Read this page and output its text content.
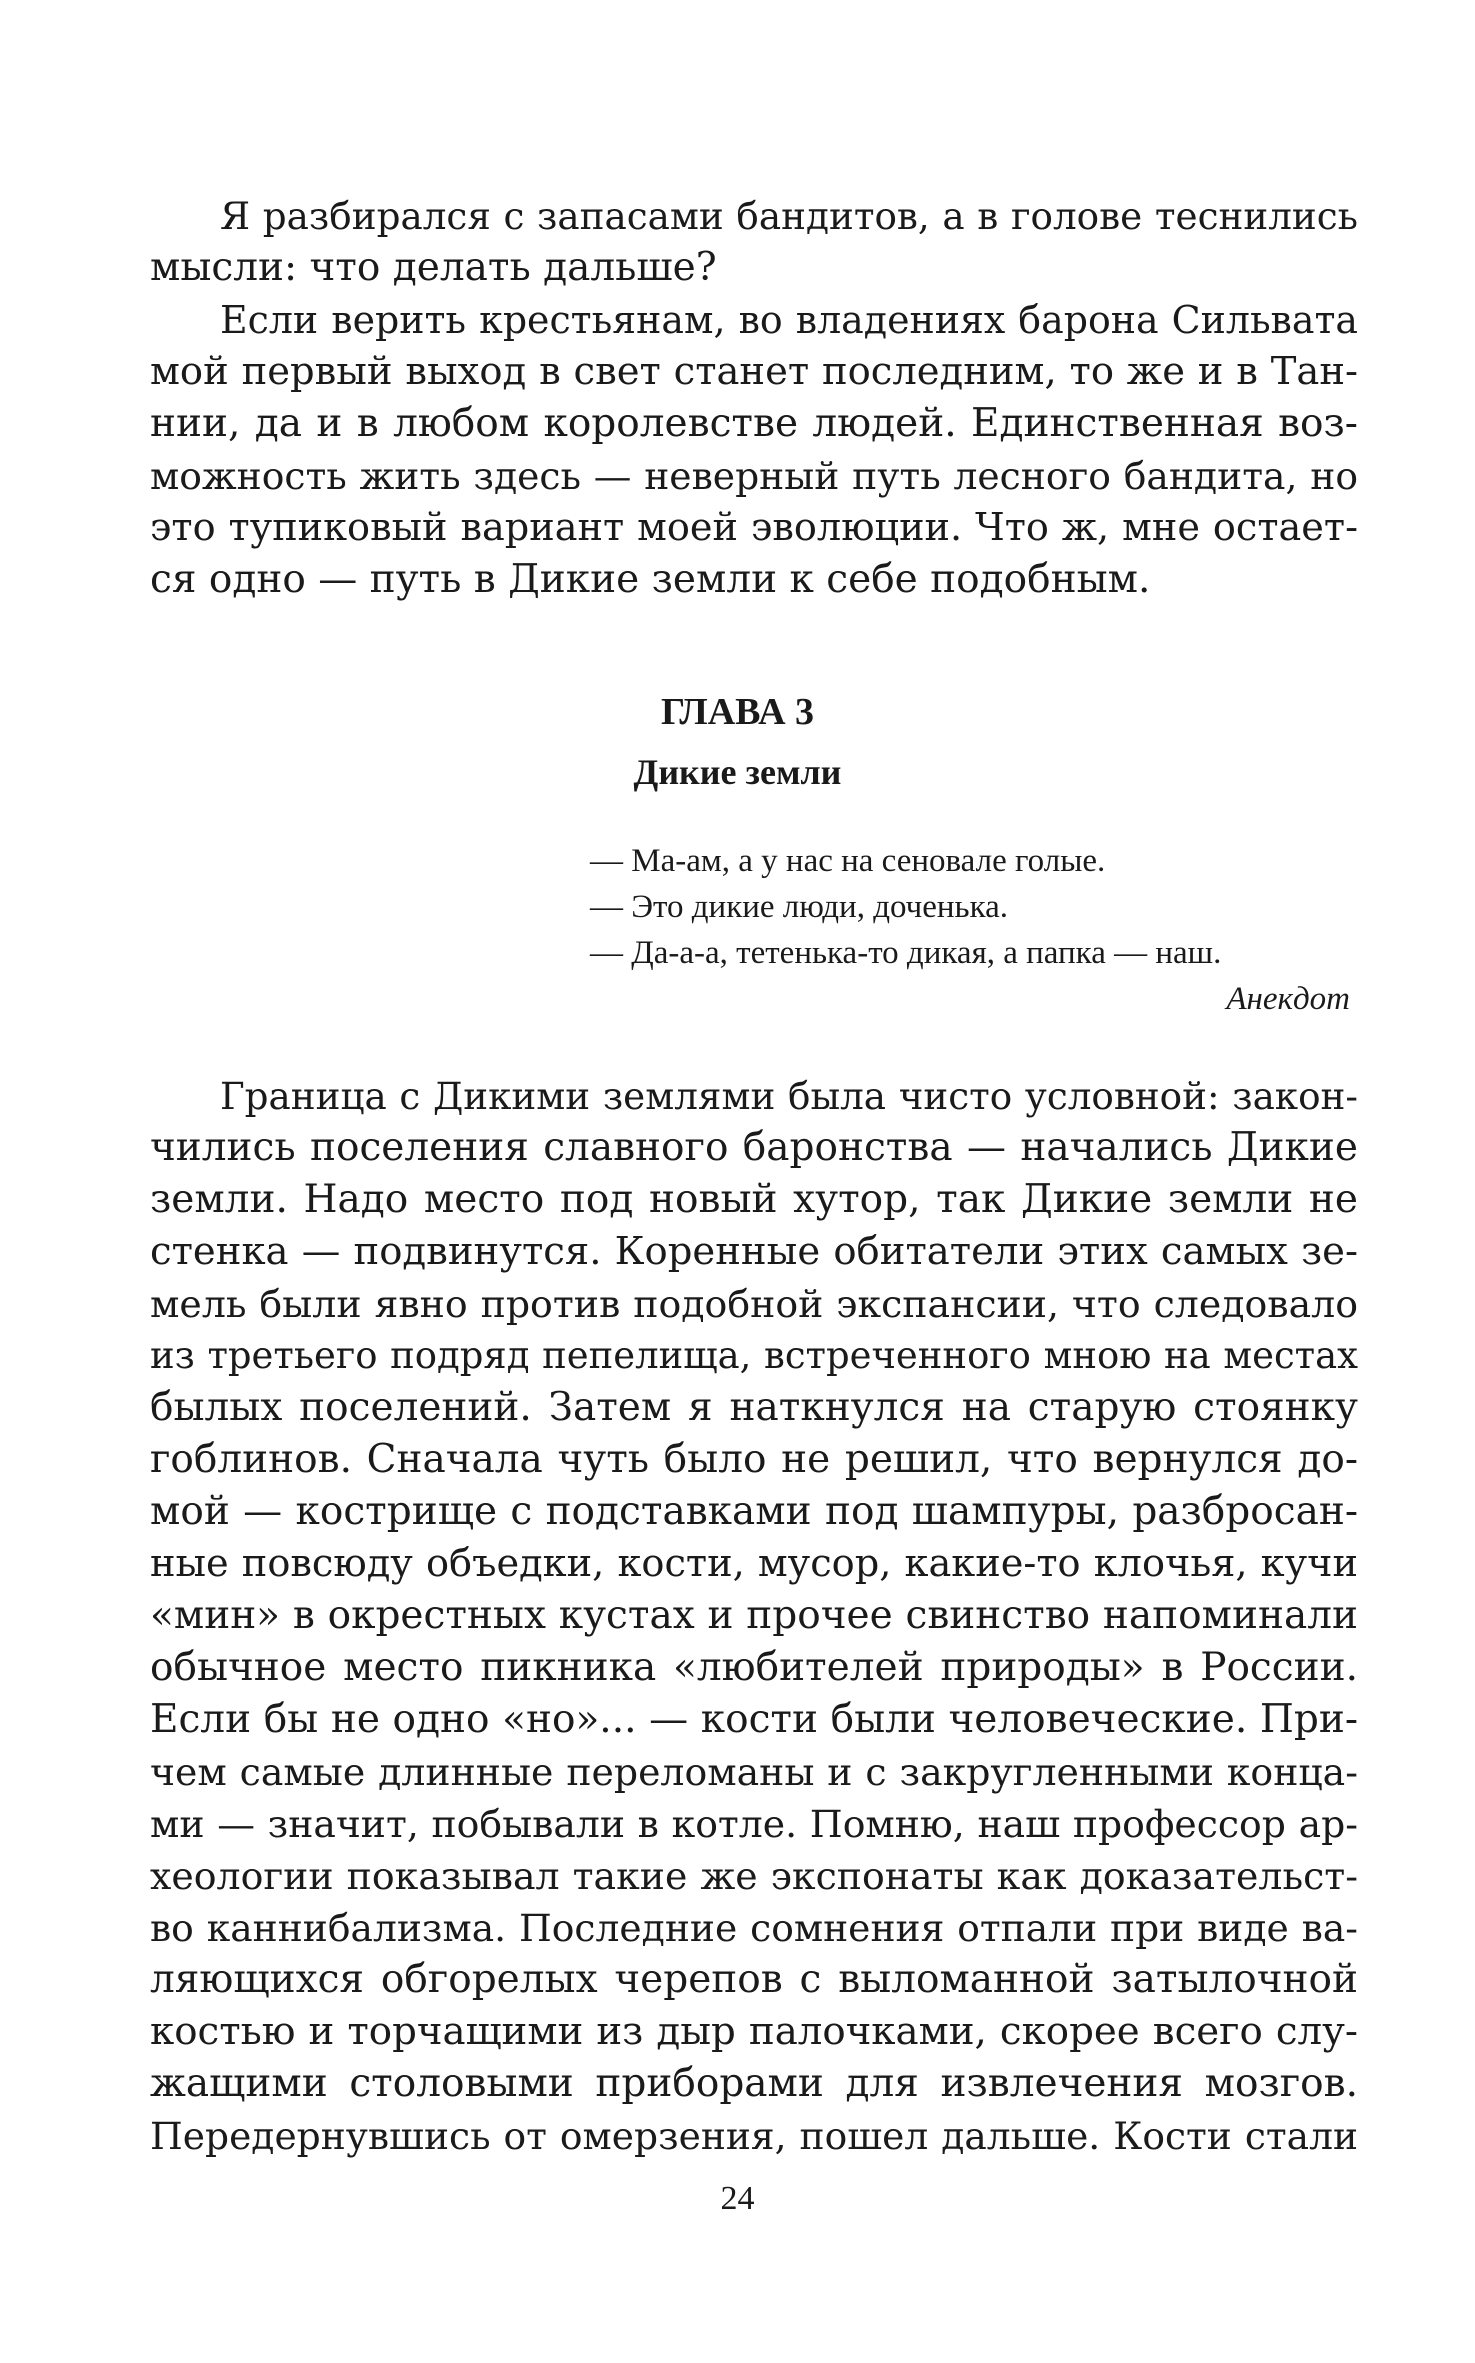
Я разбирался с запасами бандитов, а в голове теснились
мысли: что делать дальше?
Если верить крестьянам, во владениях барона Сильвата
мой первый выход в свет станет последним, то же и в Тан-
нии, да и в любом королевстве людей. Единственная воз-
можность жить здесь — неверный путь лесного бандита, но
это тупиковый вариант моей эволюции. Что ж, мне остает-
ся одно — путь в Дикие земли к себе подобным.
ГЛАВА 3
Дикие земли
— Ма-ам, а у нас на сеновале голые.
— Это дикие люди, доченька.
— Да-а-а, тетенька-то дикая, а папка — наш.
Анекдот
Граница с Дикими землями была чисто условной: закон-
чились поселения славного баронства — начались Дикие
земли. Надо место под новый хутор, так Дикие земли не
стенка — подвинутся. Коренные обитатели этих самых зе-
мель были явно против подобной экспансии, что следовало
из третьего подряд пепелища, встреченного мною на местах
былых поселений. Затем я наткнулся на старую стоянку
гоблинов. Сначала чуть было не решил, что вернулся до-
мой — кострище с подставками под шампуры, разбросан-
ные повсюду объедки, кости, мусор, какие-то клочья, кучи
«мин» в окрестных кустах и прочее свинство напоминали
обычное место пикника «любителей природы» в России.
Если бы не одно «но»... — кости были человеческие. При-
чем самые длинные переломаны и с закругленными конца-
ми — значит, побывали в котле. Помню, наш профессор ар-
хеологии показывал такие же экспонаты как доказательст-
во каннибализма. Последние сомнения отпали при виде ва-
ляющихся обгорелых черепов с выломанной затылочной
костью и торчащими из дыр палочками, скорее всего слу-
жащими столовыми приборами для извлечения мозгов.
Передернувшись от омерзения, пошел дальше. Кости стали
24
